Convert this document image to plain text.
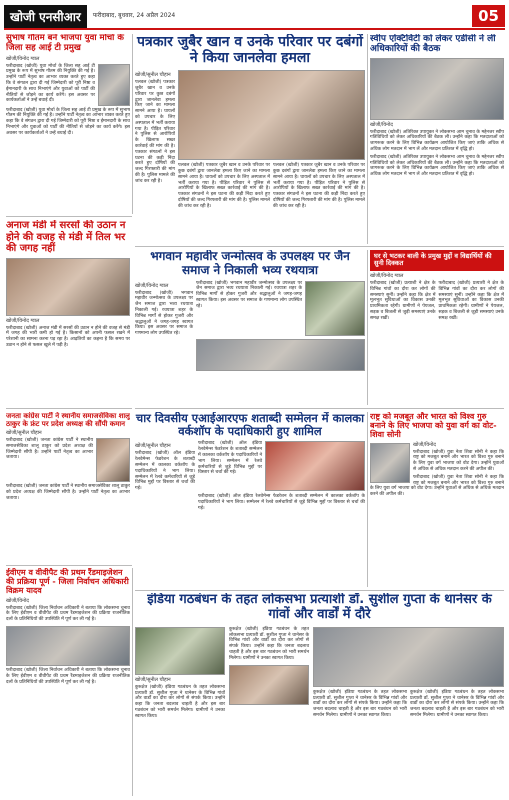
खोजी एनसीआर	फरीदाबाद, बुधवार, 24 अप्रैल 2024	05
सुभाष गौतम बने भाजपा युवा मोर्चा के जिला सह आई टी प्रमुख
खोजी/विनोद ग्वाल
फरीदाबाद (खोजी) युवा मोर्चा के जिला सह आई टी प्रमुख के रूप में सुभाष गौतम की नियुक्ति की गई है। उन्होंने पार्टी नेतृत्व का आभार व्यक्त करते हुए कहा कि वे संगठन द्वारा दी गई जिम्मेदारी को पूरी निष्ठा व ईमानदारी के साथ निभाएंगे और युवाओं को पार्टी की नीतियों से जोड़ने का कार्य करेंगे। इस अवसर पर कार्यकर्ताओं ने उन्हें बधाई दी।
फरीदाबाद (खोजी) युवा मोर्चा के जिला सह आई टी प्रमुख के रूप में सुभाष गौतम की नियुक्ति की गई है। उन्होंने पार्टी नेतृत्व का आभार व्यक्त करते हुए कहा कि वे संगठन द्वारा दी गई जिम्मेदारी को पूरी निष्ठा व ईमानदारी के साथ निभाएंगे और युवाओं को पार्टी की नीतियों से जोड़ने का कार्य करेंगे। इस अवसर पर कार्यकर्ताओं ने उन्हें बधाई दी।
पत्रकार जुबैर खान व उनके परिवार पर दबंगों ने किया जानलेवा हमला
खोजी/सुनील चौहान
पलवल (खोजी) पत्रकार जुबैर खान व उनके परिवार पर कुछ दबंगों द्वारा जानलेवा हमला किए जाने का मामला सामने आया है। घायलों को उपचार के लिए अस्पताल में भर्ती कराया गया है। पीड़ित परिवार ने पुलिस से आरोपियों के खिलाफ सख्त कार्रवाई की मांग की है। पत्रकार संगठनों ने इस घटना की कड़ी निंदा करते हुए दोषियों की जल्द गिरफ्तारी की मांग की है। पुलिस मामले की जांच कर रही है।
पलवल (खोजी) पत्रकार जुबैर खान व उनके परिवार पर कुछ दबंगों द्वारा जानलेवा हमला किए जाने का मामला सामने आया है। घायलों को उपचार के लिए अस्पताल में भर्ती कराया गया है। पीड़ित परिवार ने पुलिस से आरोपियों के खिलाफ सख्त कार्रवाई की मांग की है। पत्रकार संगठनों ने इस घटना की कड़ी निंदा करते हुए दोषियों की जल्द गिरफ्तारी की मांग की है। पुलिस मामले की जांच कर रही है।
पलवल (खोजी) पत्रकार जुबैर खान व उनके परिवार पर कुछ दबंगों द्वारा जानलेवा हमला किए जाने का मामला सामने आया है। घायलों को उपचार के लिए अस्पताल में भर्ती कराया गया है। पीड़ित परिवार ने पुलिस से आरोपियों के खिलाफ सख्त कार्रवाई की मांग की है। पत्रकार संगठनों ने इस घटना की कड़ी निंदा करते हुए दोषियों की जल्द गिरफ्तारी की मांग की है। पुलिस मामले की जांच कर रही है।
स्वीप एक्टिविटी को लेकर एडीसी ने ली अधिकारियों की बैठक
खोजी/विनोद
फरीदाबाद (खोजी) अतिरिक्त उपायुक्त ने लोकसभा आम चुनाव के मद्देनजर स्वीप गतिविधियों को लेकर अधिकारियों की बैठक ली। उन्होंने कहा कि मतदाताओं को जागरूक करने के लिए विभिन्न कार्यक्रम आयोजित किए जाएं ताकि अधिक से अधिक लोग मतदान में भाग लें और मतदान प्रतिशत में वृद्धि हो।
फरीदाबाद (खोजी) अतिरिक्त उपायुक्त ने लोकसभा आम चुनाव के मद्देनजर स्वीप गतिविधियों को लेकर अधिकारियों की बैठक ली। उन्होंने कहा कि मतदाताओं को जागरूक करने के लिए विभिन्न कार्यक्रम आयोजित किए जाएं ताकि अधिक से अधिक लोग मतदान में भाग लें और मतदान प्रतिशत में वृद्धि हो।
अनाज मंडी में सरसों की उठान न होने की वजह से मंडी में तिल भर की जगह नहीं
खोजी/विनोद ग्वाल
फरीदाबाद (खोजी) अनाज मंडी में सरसों की उठान न होने की वजह से मंडी में जगह की भारी कमी हो गई है। किसानों को अपनी फसल रखने में परेशानी का सामना करना पड़ रहा है। आढ़तियों का कहना है कि समय पर उठान न होने से फसल खुले में पड़ी है।
भगवान महावीर जन्मोत्सव के उपलक्ष्य पर जैन समाज ने निकाली भव्य रथयात्रा
खोजी/विनोद ग्वाल
फरीदाबाद (खोजी) भगवान महावीर जन्मोत्सव के उपलक्ष्य पर जैन समाज द्वारा भव्य रथयात्रा निकाली गई। रथयात्रा शहर के विभिन्न मार्गों से होकर गुजरी और श्रद्धालुओं ने जगह-जगह स्वागत किया। इस अवसर पर समाज के गणमान्य लोग उपस्थित रहे।
फरीदाबाद (खोजी) भगवान महावीर जन्मोत्सव के उपलक्ष्य पर जैन समाज द्वारा भव्य रथयात्रा निकाली गई। रथयात्रा शहर के विभिन्न मार्गों से होकर गुजरी और श्रद्धालुओं ने जगह-जगह स्वागत किया। इस अवसर पर समाज के गणमान्य लोग उपस्थित रहे।
घर से भटकर बाली के प्रमुख मुद्दों व विद्यार्थियों की सुनी दिक्कत
खोजी/विनोद ग्वाल
फरीदाबाद (खोजी) प्रत्याशी ने क्षेत्र के विभिन्न गांवों का दौरा कर लोगों की समस्याएं सुनीं। उन्होंने कहा कि क्षेत्र में मूलभूत सुविधाओं का विकास उनकी प्राथमिकता रहेगी। ग्रामीणों ने पेयजल, सड़क व बिजली से जुड़ी समस्याएं उनके समक्ष रखीं।
फरीदाबाद (खोजी) प्रत्याशी ने क्षेत्र के विभिन्न गांवों का दौरा कर लोगों की समस्याएं सुनीं। उन्होंने कहा कि क्षेत्र में मूलभूत सुविधाओं का विकास उनकी प्राथमिकता रहेगी। ग्रामीणों ने पेयजल, सड़क व बिजली से जुड़ी समस्याएं उनके समक्ष रखीं।
जनता कांग्रेस पार्टी ने स्थानीय समाजसेविका शालू ठाकुर के फ्रंट पर प्रदेश अध्यक्ष की सौंपी कमान
खोजी/सुनील चौहान
फरीदाबाद (खोजी) जनता कांग्रेस पार्टी ने स्थानीय समाजसेविका शालू ठाकुर को प्रदेश अध्यक्ष की जिम्मेदारी सौंपी है। उन्होंने पार्टी नेतृत्व का आभार जताया।
फरीदाबाद (खोजी) जनता कांग्रेस पार्टी ने स्थानीय समाजसेविका शालू ठाकुर को प्रदेश अध्यक्ष की जिम्मेदारी सौंपी है। उन्होंने पार्टी नेतृत्व का आभार जताया।
चार दिवसीय एआईआरएफ शताब्दी सम्मेलन में कालका वर्कशॉप के पदाधिकारी हुए शामिल
खोजी/सुनील चौहान
फरीदाबाद (खोजी) ऑल इंडिया रेलवेमेन्स फेडरेशन के शताब्दी सम्मेलन में कालका वर्कशॉप के पदाधिकारियों ने भाग लिया। सम्मेलन में रेलवे कर्मचारियों से जुड़े विभिन्न मुद्दों पर विस्तार से चर्चा की गई।
फरीदाबाद (खोजी) ऑल इंडिया रेलवेमेन्स फेडरेशन के शताब्दी सम्मेलन में कालका वर्कशॉप के पदाधिकारियों ने भाग लिया। सम्मेलन में रेलवे कर्मचारियों से जुड़े विभिन्न मुद्दों पर विस्तार से चर्चा की गई।
फरीदाबाद (खोजी) ऑल इंडिया रेलवेमेन्स फेडरेशन के शताब्दी सम्मेलन में कालका वर्कशॉप के पदाधिकारियों ने भाग लिया। सम्मेलन में रेलवे कर्मचारियों से जुड़े विभिन्न मुद्दों पर विस्तार से चर्चा की गई।
राष्ट्र को मजबूत और भारत को विश्व गुरु बनाने के लिए भाजपा को युवा वर्ग का वोट- शिवा सोनी
खोजी/विनोद
फरीदाबाद (खोजी) युवा नेता शिवा सोनी ने कहा कि राष्ट्र को मजबूत बनाने और भारत को विश्व गुरु बनाने के लिए युवा वर्ग भाजपा को वोट देगा। उन्होंने युवाओं से अधिक से अधिक मतदान करने की अपील की।
फरीदाबाद (खोजी) युवा नेता शिवा सोनी ने कहा कि राष्ट्र को मजबूत बनाने और भारत को विश्व गुरु बनाने के लिए युवा वर्ग भाजपा को वोट देगा। उन्होंने युवाओं से अधिक से अधिक मतदान करने की अपील की।
ईवीएम व वीवीपैट की प्रथम रैंडमाइजेशन की प्रक्रिया पूर्ण - जिला निर्वाचन अधिकारी विक्रम यादव
खोजी/विनोद
फरीदाबाद (खोजी) जिला निर्वाचन अधिकारी ने बताया कि लोकसभा चुनाव के लिए ईवीएम व वीवीपैट की प्रथम रैंडमाइजेशन की प्रक्रिया राजनीतिक दलों के प्रतिनिधियों की उपस्थिति में पूर्ण कर ली गई है।
फरीदाबाद (खोजी) जिला निर्वाचन अधिकारी ने बताया कि लोकसभा चुनाव के लिए ईवीएम व वीवीपैट की प्रथम रैंडमाइजेशन की प्रक्रिया राजनीतिक दलों के प्रतिनिधियों की उपस्थिति में पूर्ण कर ली गई है।
इंडिया गठबंधन के तहत लोकसभा प्रत्याशी डॉ. सुशील गुप्ता के थानेसर के गांवों और वार्डों में दौरे
खोजी/सुनील चौहान
कुरुक्षेत्र (खोजी) इंडिया गठबंधन के तहत लोकसभा प्रत्याशी डॉ. सुशील गुप्ता ने थानेसर के विभिन्न गांवों और वार्डों का दौरा कर लोगों से संपर्क किया। उन्होंने कहा कि जनता बदलाव चाहती है और इस बार गठबंधन को भारी समर्थन मिलेगा। ग्रामीणों ने उनका स्वागत किया।
कुरुक्षेत्र (खोजी) इंडिया गठबंधन के तहत लोकसभा प्रत्याशी डॉ. सुशील गुप्ता ने थानेसर के विभिन्न गांवों और वार्डों का दौरा कर लोगों से संपर्क किया। उन्होंने कहा कि जनता बदलाव चाहती है और इस बार गठबंधन को भारी समर्थन मिलेगा। ग्रामीणों ने उनका स्वागत किया।
कुरुक्षेत्र (खोजी) इंडिया गठबंधन के तहत लोकसभा प्रत्याशी डॉ. सुशील गुप्ता ने थानेसर के विभिन्न गांवों और वार्डों का दौरा कर लोगों से संपर्क किया। उन्होंने कहा कि जनता बदलाव चाहती है और इस बार गठबंधन को भारी समर्थन मिलेगा। ग्रामीणों ने उनका स्वागत किया।
कुरुक्षेत्र (खोजी) इंडिया गठबंधन के तहत लोकसभा प्रत्याशी डॉ. सुशील गुप्ता ने थानेसर के विभिन्न गांवों और वार्डों का दौरा कर लोगों से संपर्क किया। उन्होंने कहा कि जनता बदलाव चाहती है और इस बार गठबंधन को भारी समर्थन मिलेगा। ग्रामीणों ने उनका स्वागत किया।
